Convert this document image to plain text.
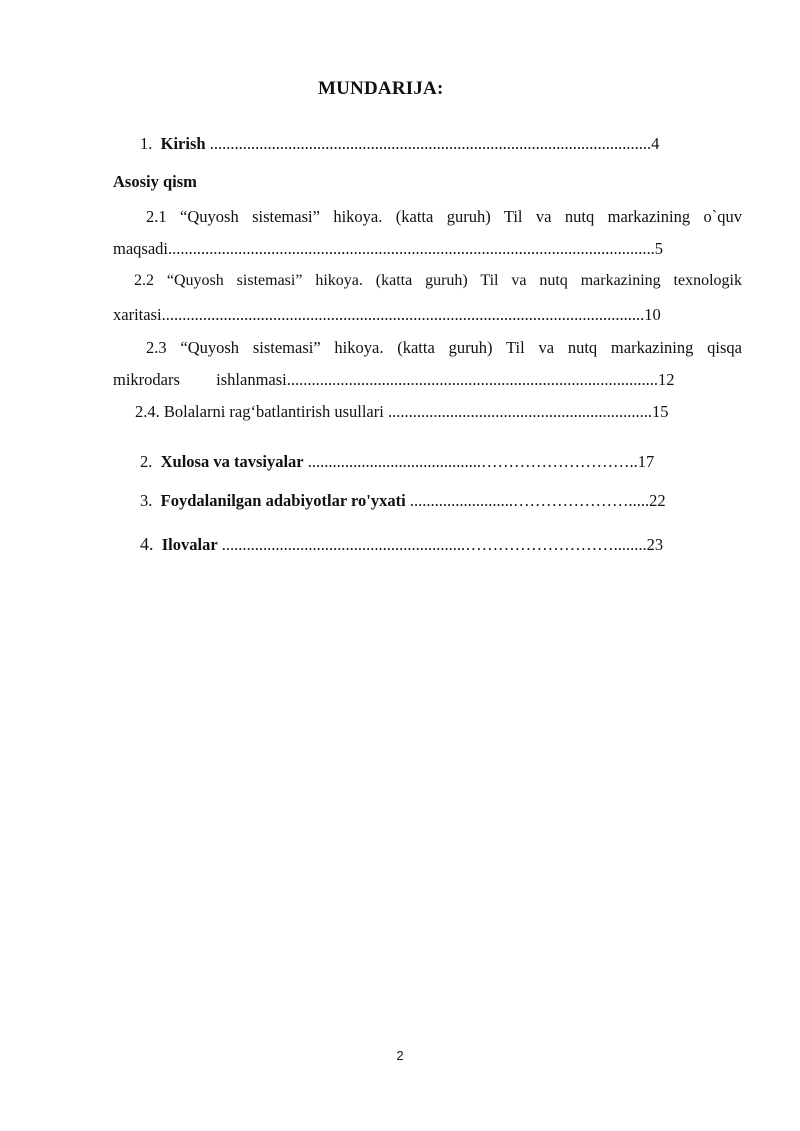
MUNDARIJA:
1. Kirish ...........................................................................................................4
Asosiy qism
2.1 “Quyosh sistemasi” hikoya. (katta guruh) Til va nutq markazining o`quv
maqsadi......................................................................................................................5
2.2 “Quyosh sistemasi” hikoya. (katta guruh) Til va nutq markazining texnologik
xaritasi.....................................................................................................................10
2.3 “Quyosh sistemasi” hikoya. (katta guruh) Til va nutq markazining qisqa
mikrodars ishlanmasi..........................................................................................12
2.4. Bolalarni rag‘batlantirish usullari ................................................................15
2. Xulosa va tavsiyalar ..........................................………………………..17
3. Foydalanilgan adabiyotlar ro'yxati .........................………………….....22
4. Ilovalar ...........................................................………………………........23
2
